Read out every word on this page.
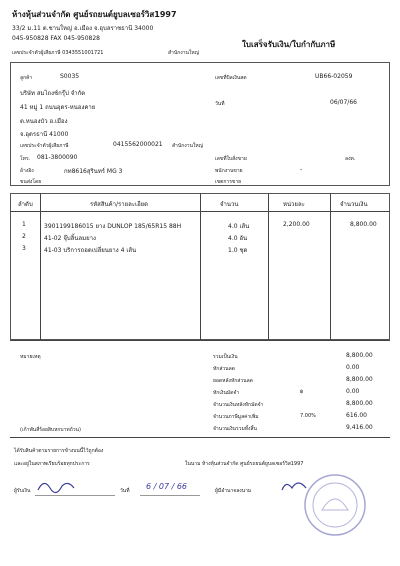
ห้างหุ้นส่วนจำกัด ศูนย์รถยนต์ยูบลเซอร์วิส1997
33/2 ม.11 ต.ชานใหญ่ อ.เมือง จ.อุบลราชธานี 34000
045-950828 FAX 045-950828
เลขประจำตัวผู้เสียภาษี 0343551001721	สำนักงานใหญ่
ใบเสร็จรับเงิน/ใบกำกับภาษี
ลูกค้า	S0035
บริษัท สมไถงช์กรุ๊ป จำกัด
41 หมู่ 1 ถนนอุดร-หนองคาย
ต.หนองบัว อ.เมือง
จ.อุดรธานี 41000
เลขประจำตัวผู้เสียภาษี	0415562000021 สำนักงานใหญ่
โทร. 081-3800090
อ้างอิง	กท8616สุรินทร์ MG 3
ขนส่งโดย
เลขที่บิลเงินสด	UB66-02059
วันที่	06/07/66
เลขที่ใบสั่งขาย	ลงท.
พนักงานขาย	-
เขตการขาย
ลำดับ	รหัสสินค้า/รายละเอียด	จำนวน	หน่วยละ	จำนวนเงิน
1	3901199186015 ยาง DUNLOP 185/65R15 88H	4.0 เส้น	2,200.00	8,800.00
2	41-02 จุ๊บลิ้นลมยาง	4.0 อัน
3	41-03 บริการถอดเปลี่ยนยาง 4 เส้น	1.0 ชุด
หมายเหตุ	รวมเป็นเงิน	8,800.00
หักส่วนลด	0.00
ยอดหลังหักส่วนลด	8,800.00
หักเงินมัดจำ	฿	0.00
จำนวนเงินหลังหักมัดจำ	8,800.00
จำนวนภาษีมูลค่าเพิ่ม	7.00%	616.00
จำนวนเงินรวมทั้งสิ้น	9,416.00
(เก้าพันสี่ร้อยสิบหกบาทถ้วน)
ได้รับสินค้าตามรายการข้างบนนี้ไว้ถูกต้อง
และอยู่ในสภาพเรียบร้อยทุกประการ	ในนาม ห้างหุ้นส่วนจำกัด ศูนย์รถยนต์ยูบลเซอร์วิส1997
ผู้รับเงิน	วันที่ 6 / 07 / 66	ผู้มีอำนาจลงนาม
